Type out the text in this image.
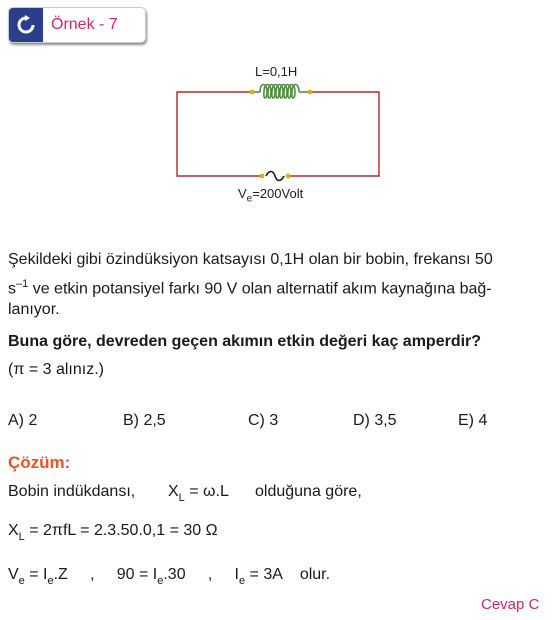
Örnek - 7
L=0,1H
$V_e=200Volt$
Şekildeki gibi özindüksiyon katsayısı 0,1H olan bir bobin, frekansı 50
$s^{-1}$ ve etkin potansiyel farkı 90 V olan alternatif akım kaynağına bağ-
lanıyor.
Buna göre, devreden geçen akımın etkin değeri kaç amperdir?
(π = 3 alınız.)
A) 2	B) 2,5	C) 3	D) 3,5	E) 4
Çözüm:
Bobin indükdansı, $X_L = \omega.L$ olduğuna göre,
$X_L = 2\pi fL = 2.3.50.0,1 = 30$ Ω
$V_e = I_e.Z$ , $90 = I_e.30$ , $I_e = 3A$ olur.
Cevap C
